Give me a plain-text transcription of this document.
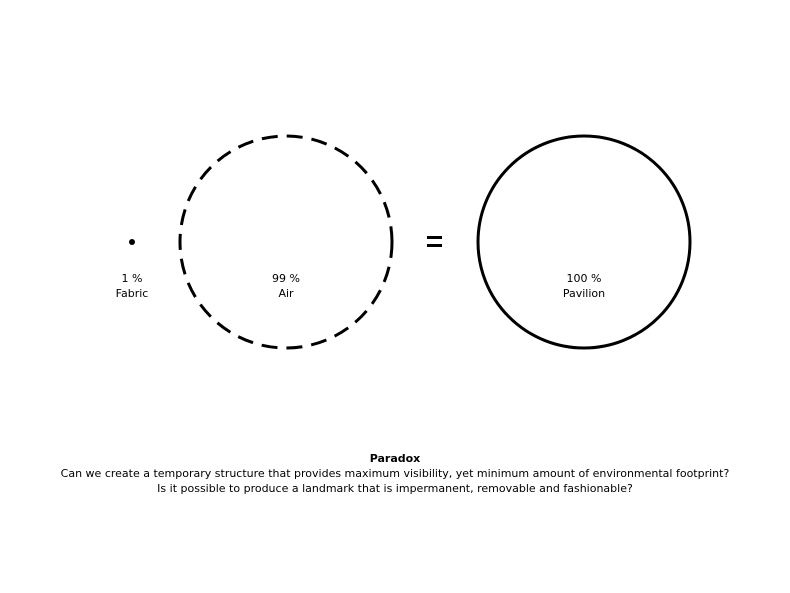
1 %
Fabric
99 %
Air
100 %
Pavilion
Paradox
Can we create a temporary structure that provides maximum visibility, yet minimum amount of environmental footprint?
Is it possible to produce a landmark that is impermanent, removable and fashionable?
